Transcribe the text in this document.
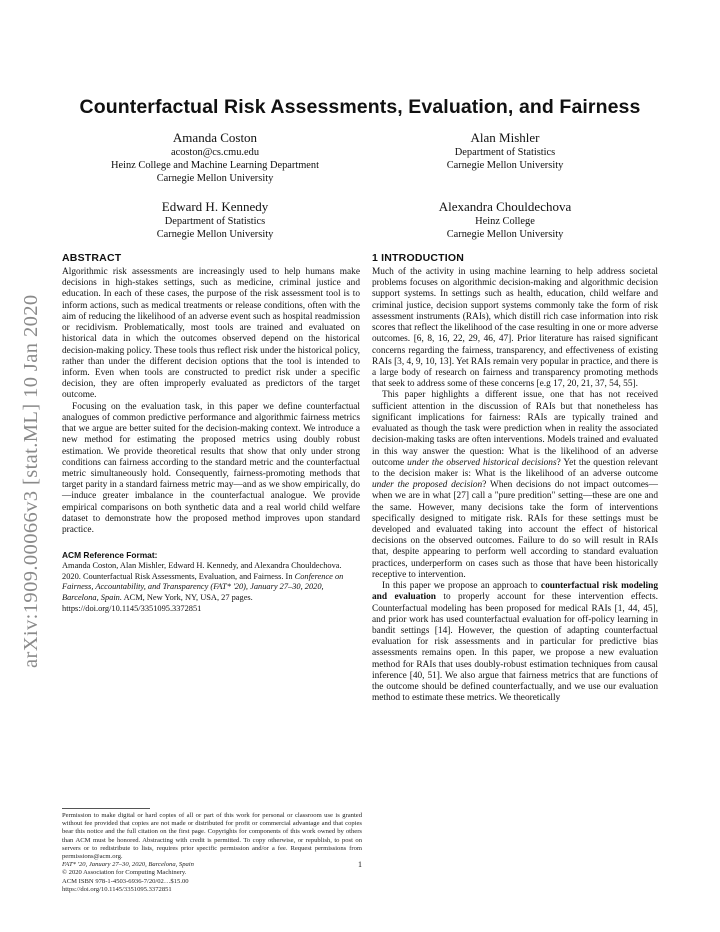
arXiv:1909.00066v3 [stat.ML] 10 Jan 2020
Counterfactual Risk Assessments, Evaluation, and Fairness
Amanda Coston
acoston@cs.cmu.edu
Heinz College and Machine Learning Department
Carnegie Mellon University
Alan Mishler
Department of Statistics
Carnegie Mellon University
Edward H. Kennedy
Department of Statistics
Carnegie Mellon University
Alexandra Chouldechova
Heinz College
Carnegie Mellon University
ABSTRACT

Algorithmic risk assessments are increasingly used to help humans make decisions in high-stakes settings, such as medicine, criminal justice and education. In each of these cases, the purpose of the risk assessment tool is to inform actions, such as medical treatments or release conditions, often with the aim of reducing the likelihood of an adverse event such as hospital readmission or recidivism. Problematically, most tools are trained and evaluated on historical data in which the outcomes observed depend on the historical decision-making policy. These tools thus reflect risk under the historical policy, rather than under the different decision options that the tool is intended to inform. Even when tools are constructed to predict risk under a specific decision, they are often improperly evaluated as predictors of the target outcome.

Focusing on the evaluation task, in this paper we define counterfactual analogues of common predictive performance and algorithmic fairness metrics that we argue are better suited for the decision-making context. We introduce a new method for estimating the proposed metrics using doubly robust estimation. We provide theoretical results that show that only under strong conditions can fairness according to the standard metric and the counterfactual metric simultaneously hold. Consequently, fairness-promoting methods that target parity in a standard fairness metric may—and as we show empirically, do—induce greater imbalance in the counterfactual analogue. We provide empirical comparisons on both synthetic data and a real world child welfare dataset to demonstrate how the proposed method improves upon standard practice.

ACM Reference Format:

Amanda Coston, Alan Mishler, Edward H. Kennedy, and Alexandra Chouldechova. 2020. Counterfactual Risk Assessments, Evaluation, and Fairness. In Conference on Fairness, Accountability, and Transparency (FAT* '20), January 27–30, 2020, Barcelona, Spain. ACM, New York, NY, USA, 27 pages. https://doi.org/10.1145/3351095.3372851

Permission to make digital or hard copies of all or part of this work for personal or classroom use is granted without fee provided that copies are not made or distributed for profit or commercial advantage and that copies bear this notice and the full citation on the first page. Copyrights for components of this work owned by others than ACM must be honored. Abstracting with credit is permitted. To copy otherwise, or republish, to post on servers or to redistribute to lists, requires prior specific permission and/or a fee. Request permissions from permissions@acm.org.
FAT* '20, January 27–30, 2020, Barcelona, Spain
© 2020 Association for Computing Machinery.
ACM ISBN 978-1-4503-6936-7/20/02…$15.00
https://doi.org/10.1145/3351095.3372851
1 INTRODUCTION

Much of the activity in using machine learning to help address societal problems focuses on algorithmic decision-making and algorithmic decision support systems. In settings such as health, education, child welfare and criminal justice, decision support systems commonly take the form of risk assessment instruments (RAIs), which distill rich case information into risk scores that reflect the likelihood of the case resulting in one or more adverse outcomes. [6, 8, 16, 22, 29, 46, 47]. Prior literature has raised significant concerns regarding the fairness, transparency, and effectiveness of existing RAIs [3, 4, 9, 10, 13]. Yet RAIs remain very popular in practice, and there is a large body of research on fairness and transparency promoting methods that seek to address some of these concerns [e.g 17, 20, 21, 37, 54, 55].

This paper highlights a different issue, one that has not received sufficient attention in the discussion of RAIs but that nonetheless has significant implications for fairness: RAIs are typically trained and evaluated as though the task were prediction when in reality the associated decision-making tasks are often interventions. Models trained and evaluated in this way answer the question: What is the likelihood of an adverse outcome under the observed historical decisions? Yet the question relevant to the decision maker is: What is the likelihood of an adverse outcome under the proposed decision? When decisions do not impact outcomes—when we are in what [27] call a "pure predition" setting—these are one and the same. However, many decisions take the form of interventions specifically designed to mitigate risk. RAIs for these settings must be developed and evaluated taking into account the effect of historical decisions on the observed outcomes. Failure to do so will result in RAIs that, despite appearing to perform well according to standard evaluation practices, underperform on cases such as those that have been historically receptive to intervention.

In this paper we propose an approach to counterfactual risk modeling and evaluation to properly account for these intervention effects. Counterfactual modeling has been proposed for medical RAIs [1, 44, 45], and prior work has used counterfactual evaluation for off-policy learning in bandit settings [14]. However, the question of adapting counterfactual evaluation for risk assessments and in particular for predictive bias assessments remains open. In this paper, we propose a new evaluation method for RAIs that uses doubly-robust estimation techniques from causal inference [40, 51]. We also argue that fairness metrics that are functions of the outcome should be defined counterfactually, and we use our evaluation method to estimate these metrics. We theoretically

1
